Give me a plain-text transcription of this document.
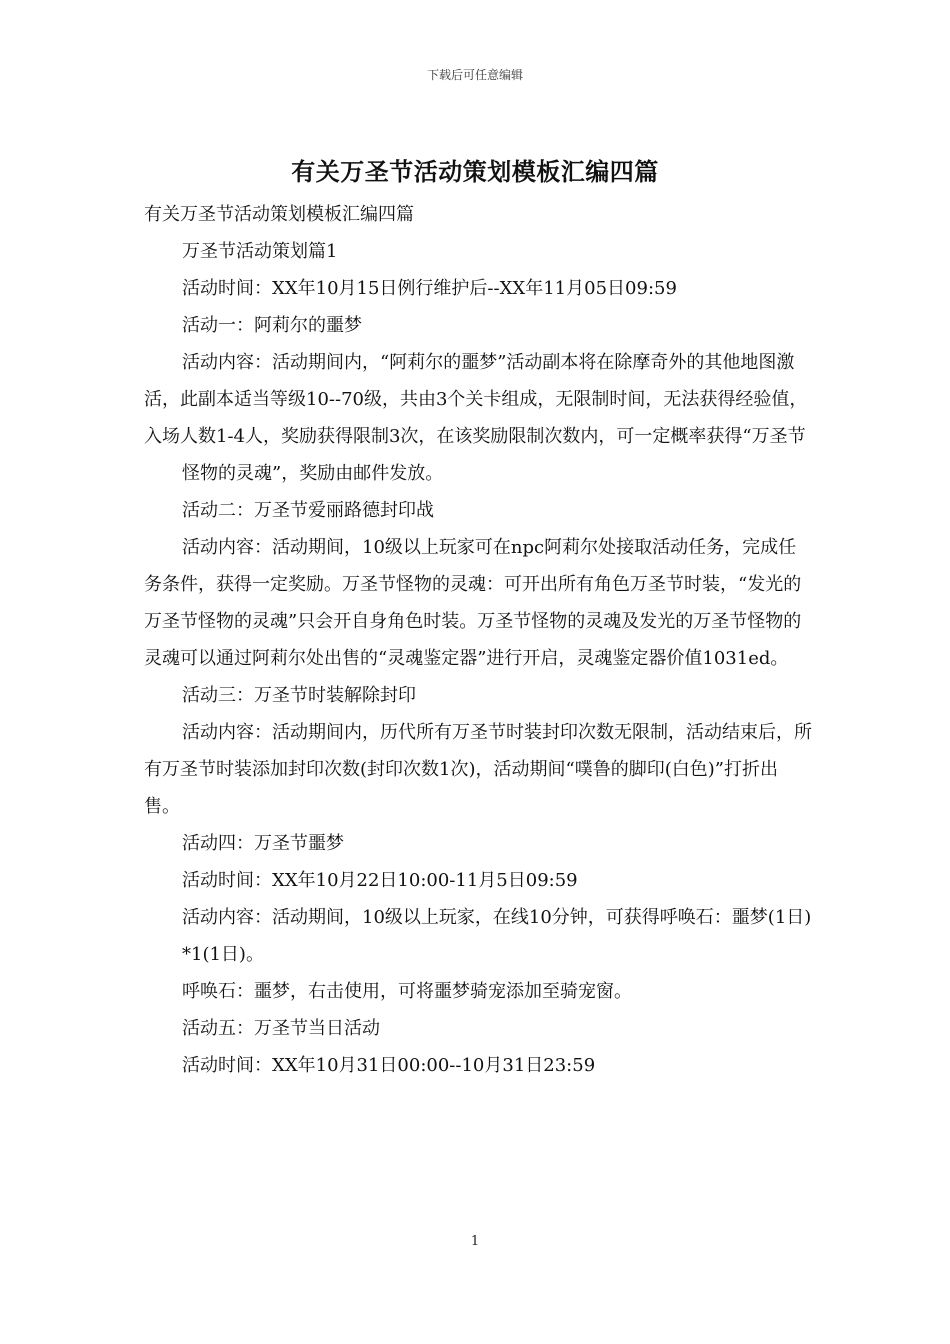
下载后可任意编辑
有关万圣节活动策划模板汇编四篇

有关万圣节活动策划模板汇编四篇

万圣节活动策划篇1

活动时间：XX年10月15日例行维护后--XX年11月05日09:59

活动一：阿莉尔的噩梦

活动内容：活动期间内，“阿莉尔的噩梦”活动副本将在除摩奇外的其他地图激活，此副本适当等级10--70级，共由3个关卡组成，无限制时间，无法获得经验值，入场人数1-4人，奖励获得限制3次，在该奖励限制次数内，可一定概率获得“万圣节

怪物的灵魂”，奖励由邮件发放。

活动二：万圣节爱丽路德封印战

活动内容：活动期间，10级以上玩家可在npc阿莉尔处接取活动任务，完成任务条件，获得一定奖励。万圣节怪物的灵魂：可开出所有角色万圣节时装，“发光的万圣节怪物的灵魂”只会开自身角色时装。万圣节怪物的灵魂及发光的万圣节怪物的灵魂可以通过阿莉尔处出售的“灵魂鉴定器”进行开启，灵魂鉴定器价值1031ed。

活动三：万圣节时装解除封印

活动内容：活动期间内，历代所有万圣节时装封印次数无限制，活动结束后，所有万圣节时装添加封印次数(封印次数1次)，活动期间“噗鲁的脚印(白色)”打折出售。

活动四：万圣节噩梦

活动时间：XX年10月22日10:00-11月5日09:59

活动内容：活动期间，10级以上玩家，在线10分钟，可获得呼唤石：噩梦(1日)

*1(1日)。

呼唤石：噩梦，右击使用，可将噩梦骑宠添加至骑宠窗。

活动五：万圣节当日活动

活动时间：XX年10月31日00:00--10月31日23:59

1
